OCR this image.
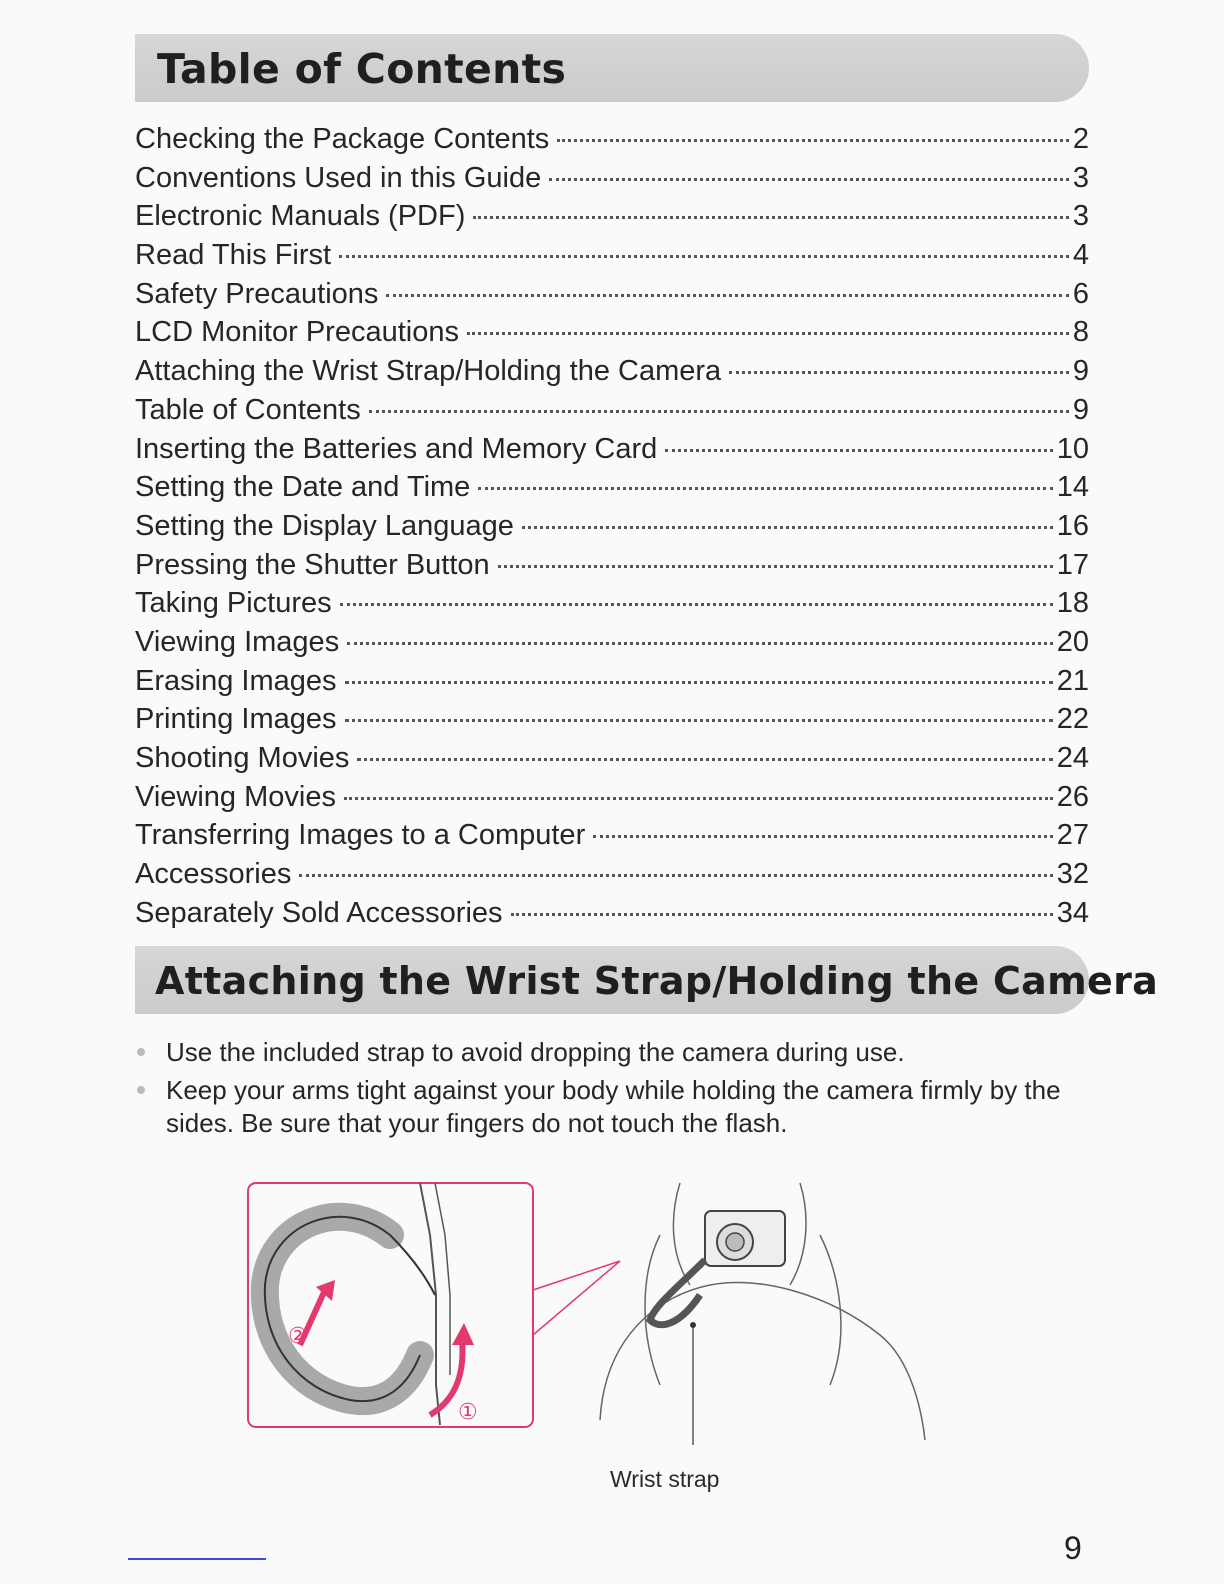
Table of Contents
Checking the Package Contents	2
Conventions Used in this Guide	3
Electronic Manuals (PDF)	3
Read This First	4
Safety Precautions	6
LCD Monitor Precautions	8
Attaching the Wrist Strap/Holding the Camera	9
Table of Contents	9
Inserting the Batteries and Memory Card	10
Setting the Date and Time	14
Setting the Display Language	16
Pressing the Shutter Button	17
Taking Pictures	18
Viewing Images	20
Erasing Images	21
Printing Images	22
Shooting Movies	24
Viewing Movies	26
Transferring Images to a Computer	27
Accessories	32
Separately Sold Accessories	34
Attaching the Wrist Strap/Holding the Camera
Use the included strap to avoid dropping the camera during use.
Keep your arms tight against your body while holding the camera firmly by the sides. Be sure that your fingers do not touch the flash.
②
①
Wrist strap
9
